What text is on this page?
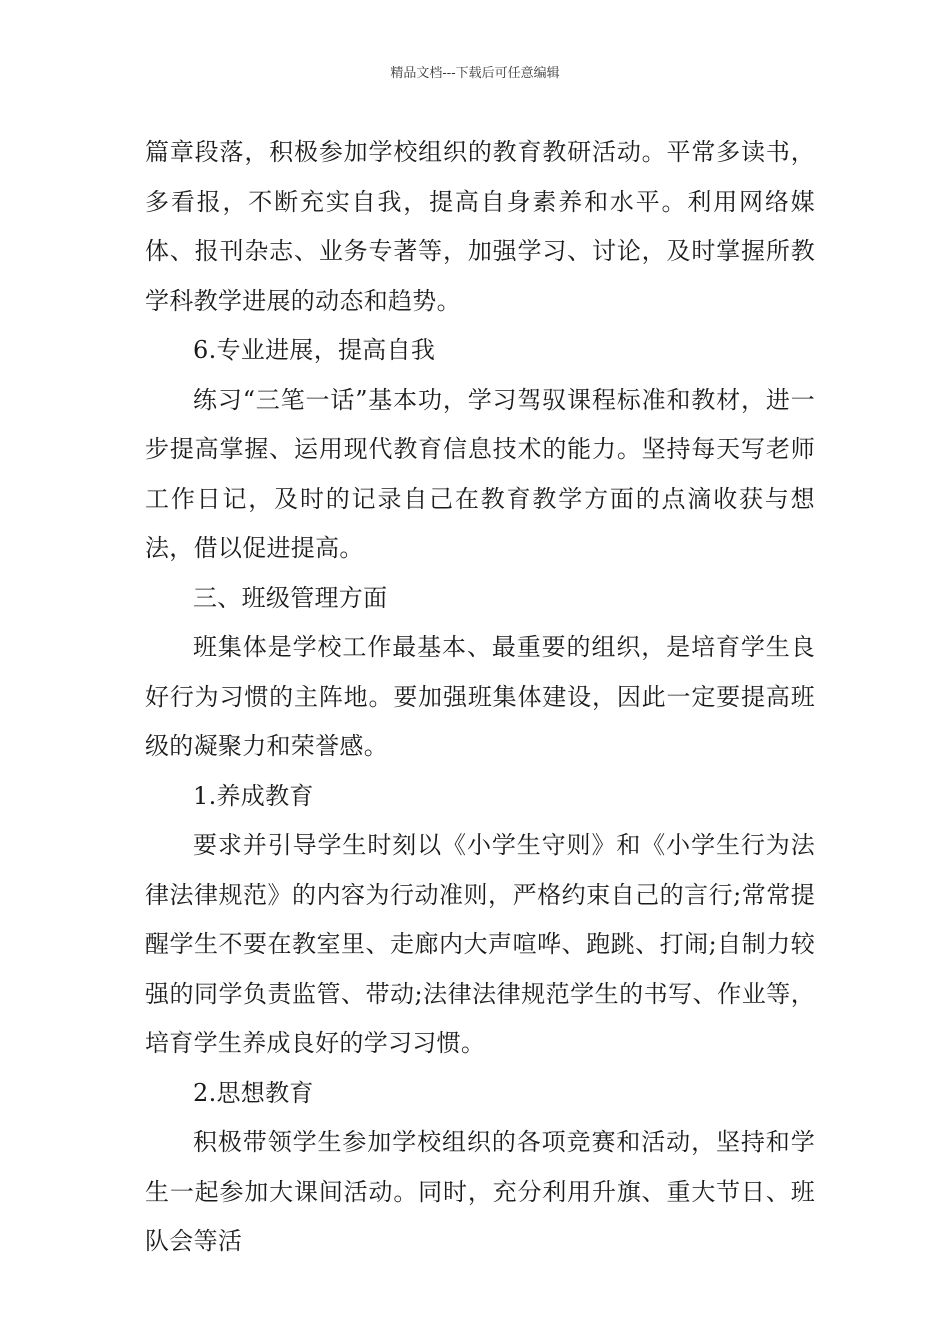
精品文档---下载后可任意编辑

篇章段落，积极参加学校组织的教育教研活动。平常多读书，多看报，不断充实自我，提高自身素养和水平。利用网络媒体、报刊杂志、业务专著等，加强学习、讨论，及时掌握所教学科教学进展的动态和趋势。

6.专业进展，提高自我

练习“三笔一话”基本功，学习驾驭课程标准和教材，进一步提高掌握、运用现代教育信息技术的能力。坚持每天写老师工作日记，及时的记录自己在教育教学方面的点滴收获与想法，借以促进提高。

三、班级管理方面

班集体是学校工作最基本、最重要的组织，是培育学生良好行为习惯的主阵地。要加强班集体建设，因此一定要提高班级的凝聚力和荣誉感。

1.养成教育

要求并引导学生时刻以《小学生守则》和《小学生行为法律法律规范》的内容为行动准则，严格约束自己的言行;常常提醒学生不要在教室里、走廊内大声喧哗、跑跳、打闹;自制力较强的同学负责监管、带动;法律法律规范学生的书写、作业等，培育学生养成良好的学习习惯。

2.思想教育

积极带领学生参加学校组织的各项竞赛和活动，坚持和学生一起参加大课间活动。同时，充分利用升旗、重大节日、班队会等活
